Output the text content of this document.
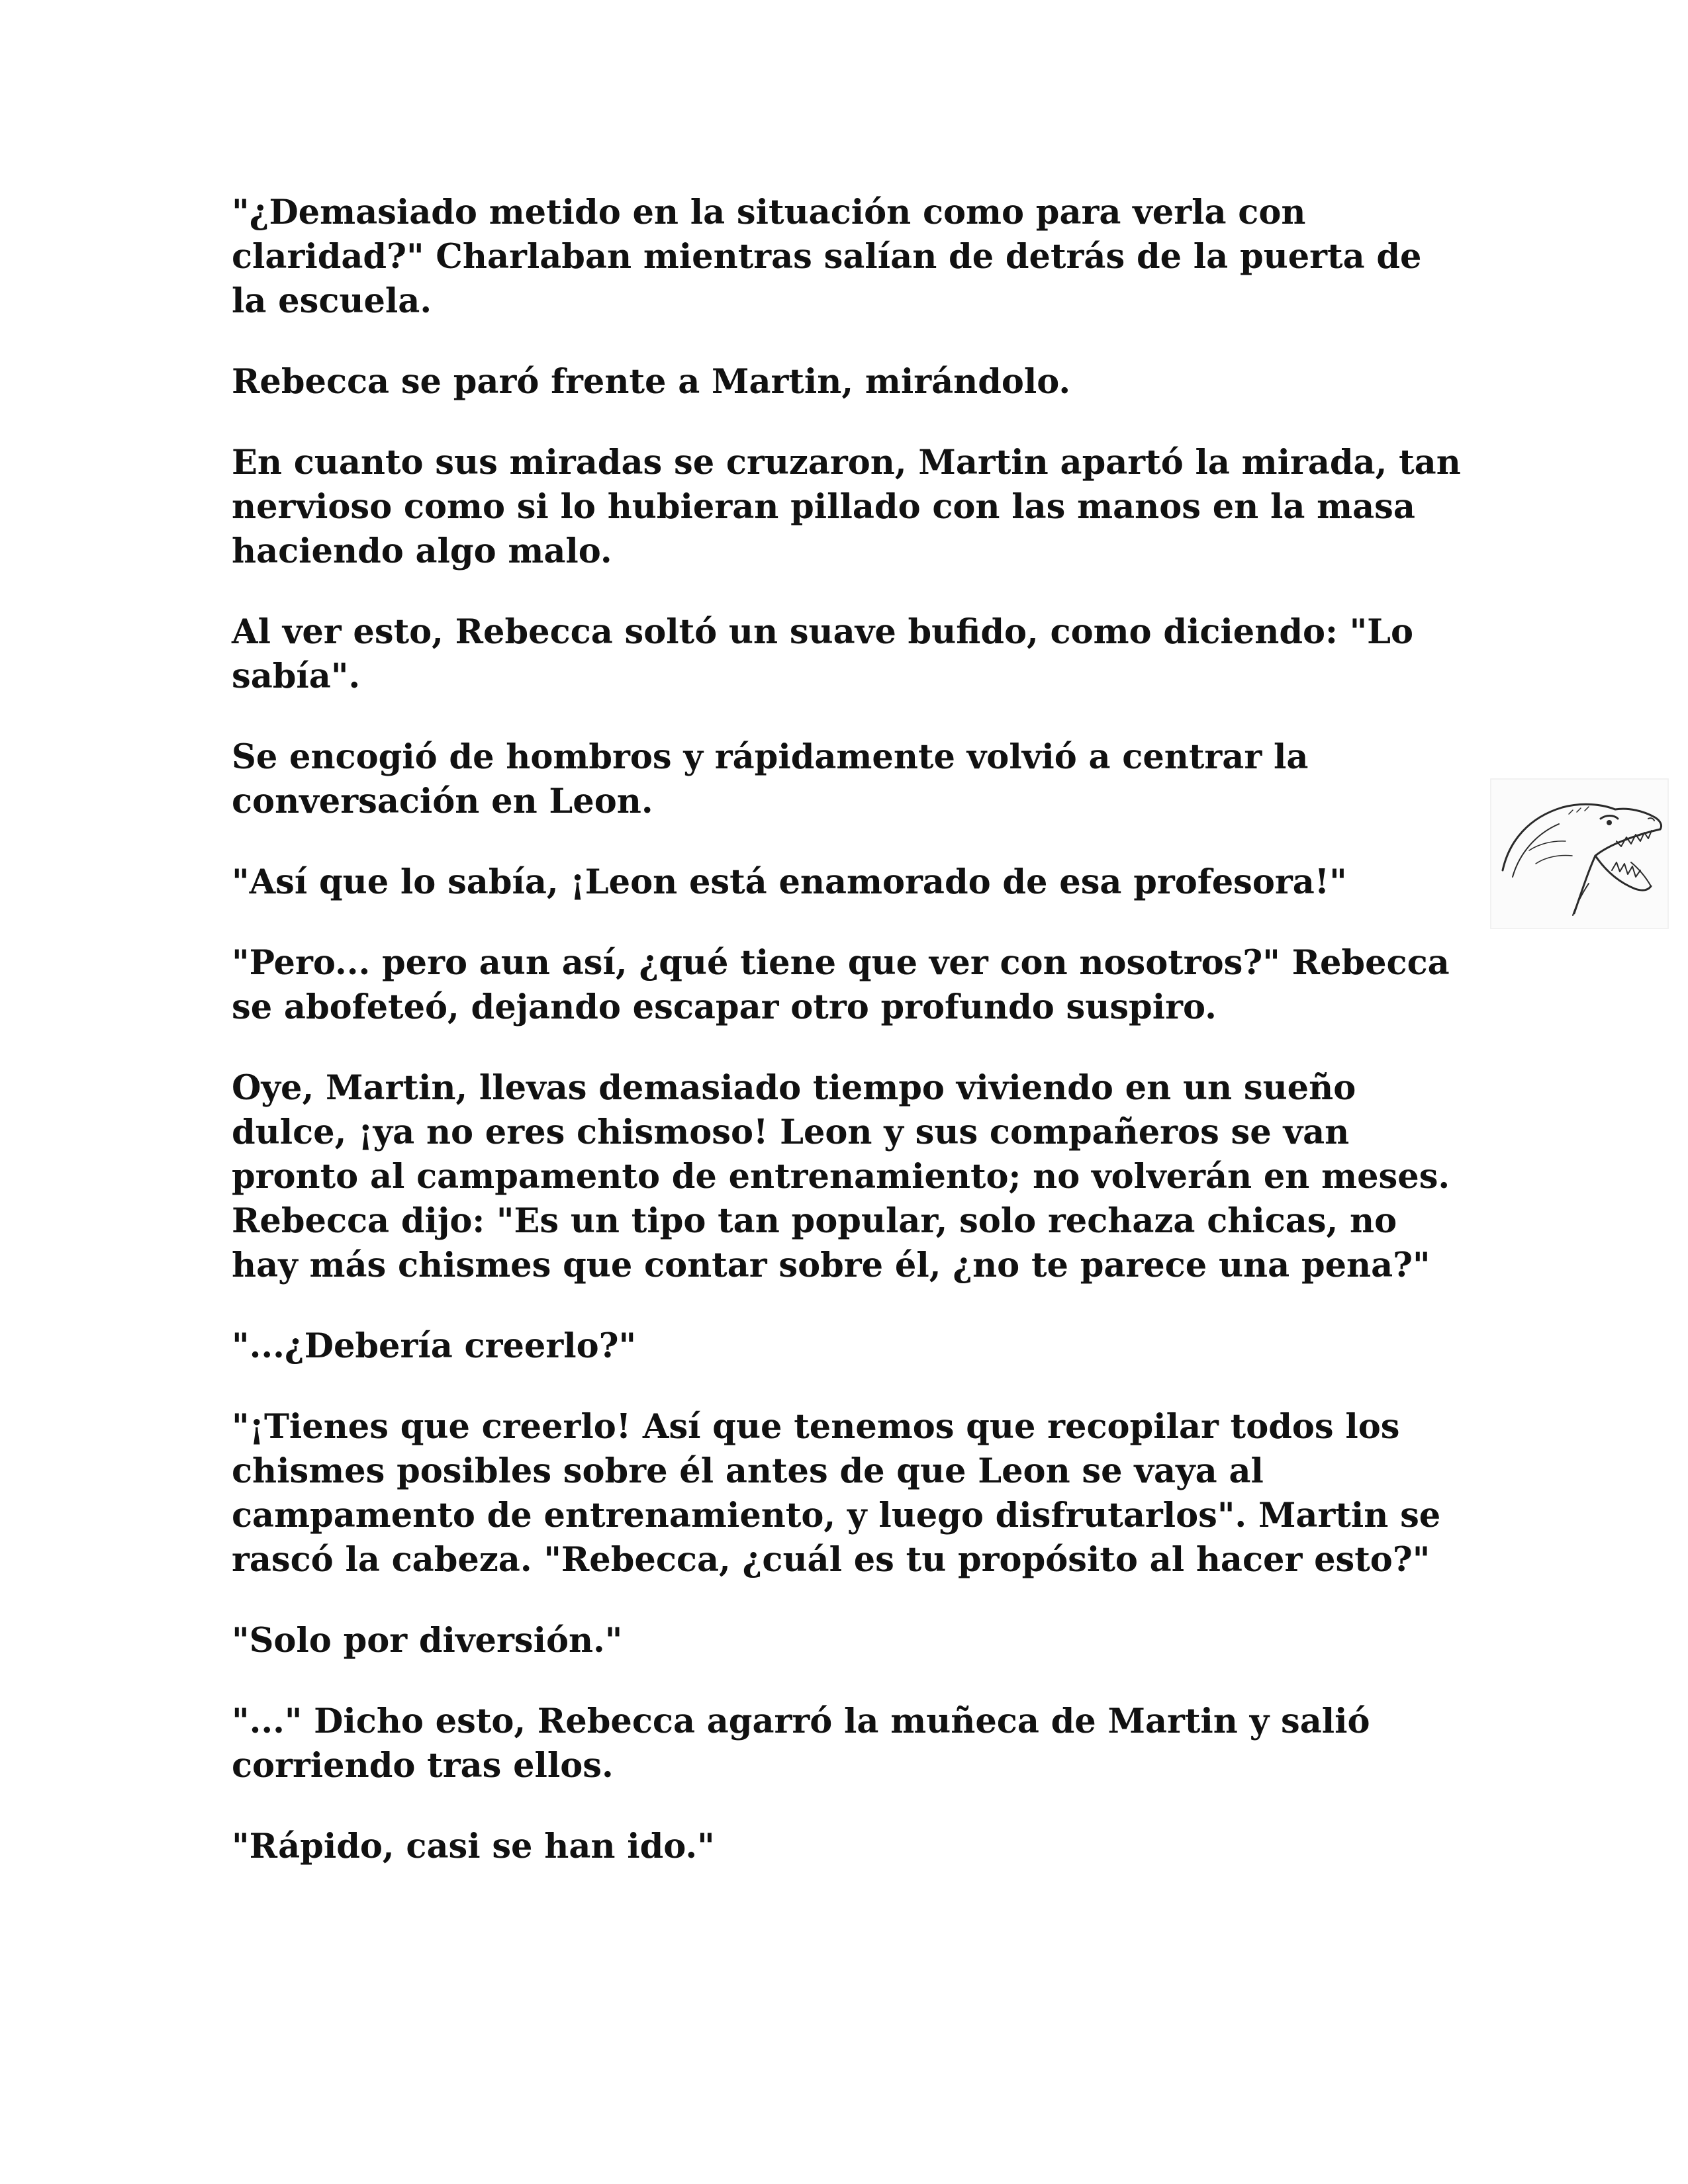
"¿Demasiado metido en la situación como para verla con claridad?" Charlaban mientras salían de detrás de la puerta de la escuela.

Rebecca se paró frente a Martin, mirándolo.

En cuanto sus miradas se cruzaron, Martin apartó la mirada, tan nervioso como si lo hubieran pillado con las manos en la masa haciendo algo malo.

Al ver esto, Rebecca soltó un suave bufido, como diciendo: "Lo sabía".

Se encogió de hombros y rápidamente volvió a centrar la conversación en Leon.

"Así que lo sabía, ¡Leon está enamorado de esa profesora!"

"Pero... pero aun así, ¿qué tiene que ver con nosotros?" Rebecca se abofeteó, dejando escapar otro profundo suspiro.

Oye, Martin, llevas demasiado tiempo viviendo en un sueño dulce, ¡ya no eres chismoso! Leon y sus compañeros se van pronto al campamento de entrenamiento; no volverán en meses. Rebecca dijo: "Es un tipo tan popular, solo rechaza chicas, no hay más chismes que contar sobre él, ¿no te parece una pena?"

"...¿Debería creerlo?"

"¡Tienes que creerlo! Así que tenemos que recopilar todos los chismes posibles sobre él antes de que Leon se vaya al campamento de entrenamiento, y luego disfrutarlos". Martin se rascó la cabeza. "Rebecca, ¿cuál es tu propósito al hacer esto?"

"Solo por diversión."

"..." Dicho esto, Rebecca agarró la muñeca de Martin y salió corriendo tras ellos.

"Rápido, casi se han ido."
